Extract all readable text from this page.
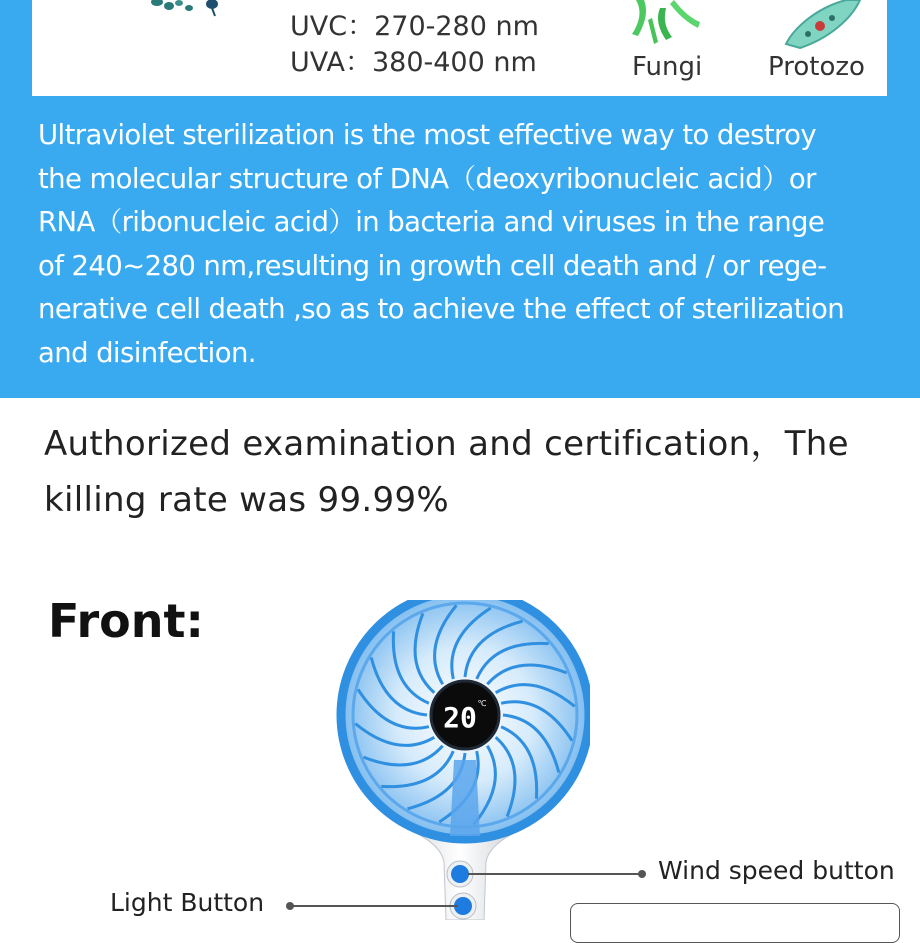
UVC：270-280 nm
UVA：380-400 nm	Fungi	Protozo

Ultraviolet sterilization is the most effective way to destroy
the molecular structure of DNA（deoxyribonucleic acid）or
RNA（ribonucleic acid）in bacteria and viruses in the range
of 240~280 nm,resulting in growth cell death and / or rege-
nerative cell death ,so as to achieve the effect of sterilization
and disinfection.

Authorized examination and certification，The
killing rate was 99.99%

Front:
20 ℃
Wind speed button
Light Button
